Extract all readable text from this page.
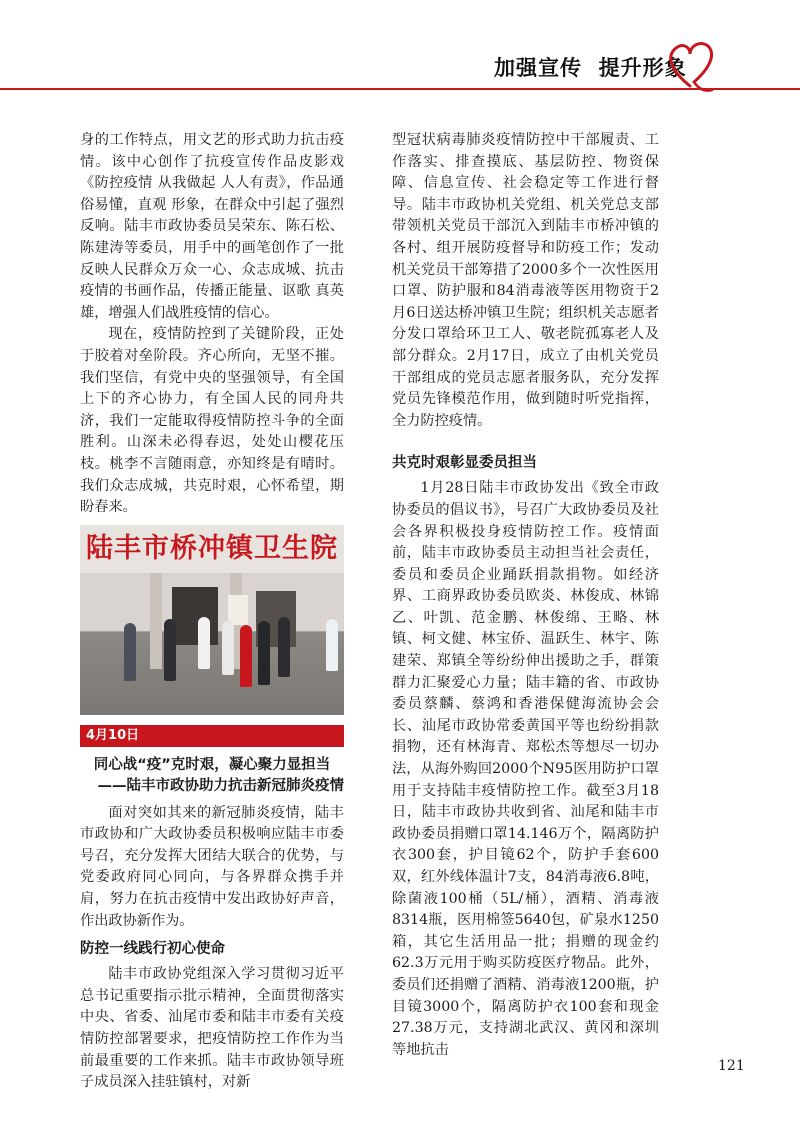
加强宣传  提升形象

身的工作特点，用文艺的形式助力抗击疫情。该中心创作了抗疫宣传作品皮影戏《防控疫情 从我做起 人人有责》，作品通俗易懂，直观 形象，在群众中引起了强烈反响。陆丰市政协委员吴荣东、陈石松、陈建涛等委员，用手中的画笔创作了一批反映人民群众万众一心、众志成城、抗击疫情的书画作品，传播正能量、讴歌 真英雄，增强人们战胜疫情的信心。

现在，疫情防控到了关键阶段，正处于胶着对垒阶段。齐心所向，无坚不摧。我们坚信，有党中央的坚强领导，有全国上下的齐心协力，有全国人民的同舟共济，我们一定能取得疫情防控斗争的全面胜利。山深未必得春迟，处处山樱花压枝。桃李不言随雨意，亦知终是有晴时。我们众志成城，共克时艰，心怀希望，期盼春来。

陆丰市桥冲镇卫生院
4月10日
同心战“疫”克时艰，凝心聚力显担当
——陆丰市政协助力抗击新冠肺炎疫情

面对突如其来的新冠肺炎疫情，陆丰市政协和广大政协委员积极响应陆丰市委号召，充分发挥大团结大联合的优势，与党委政府同心同向，与各界群众携手并肩，努力在抗击疫情中发出政协好声音，作出政协新作为。

防控一线践行初心使命

陆丰市政协党组深入学习贯彻习近平总书记重要指示批示精神，全面贯彻落实中央、省委、汕尾市委和陆丰市委有关疫情防控部署要求，把疫情防控工作作为当前最重要的工作来抓。陆丰市政协领导班子成员深入挂驻镇村，对新

型冠状病毒肺炎疫情防控中干部履责、工作落实、排查摸底、基层防控、物资保障、信息宣传、社会稳定等工作进行督导。陆丰市政协机关党组、机关党总支部带领机关党员干部沉入到陆丰市桥冲镇的各村、组开展防疫督导和防疫工作；发动机关党员干部筹措了2000多个一次性医用口罩、防护服和84消毒液等医用物资于2月6日送达桥冲镇卫生院；组织机关志愿者分发口罩给环卫工人、敬老院孤寡老人及部分群众。2月17日，成立了由机关党员干部组成的党员志愿者服务队，充分发挥党员先锋模范作用，做到随时听党指挥，全力防控疫情。

共克时艰彰显委员担当

1月28日陆丰市政协发出《致全市政协委员的倡议书》，号召广大政协委员及社会各界积极投身疫情防控工作。疫情面前，陆丰市政协委员主动担当社会责任，委员和委员企业踊跃捐款捐物。如经济界、工商界政协委员欧炎、林俊成、林锦乙、叶凯、范金鹏、林俊绵、王略、林镇、柯文健、林宝侨、温跃生、林宇、陈建荣、郑镇全等纷纷伸出援助之手，群策群力汇聚爱心力量；陆丰籍的省、市政协委员蔡麟、蔡鸿和香港保健海流协会会长、汕尾市政协常委黄国平等也纷纷捐款捐物，还有林海青、郑松杰等想尽一切办法，从海外购回2000个N95医用防护口罩用于支持陆丰疫情防控工作。截至3月18日，陆丰市政协共收到省、汕尾和陆丰市政协委员捐赠口罩14.146万个，隔离防护衣300套，护目镜62个，防护手套600双，红外线体温计7支，84消毒液6.8吨，除菌液100桶（5L/桶），酒精、消毒液8314瓶，医用棉签5640包，矿泉水1250箱，其它生活用品一批；捐赠的现金约62.3万元用于购买防疫医疗物品。此外，委员们还捐赠了酒精、消毒液1200瓶，护目镜3000个，隔离防护衣100套和现金27.38万元，支持湖北武汉、黄冈和深圳等地抗击

121
